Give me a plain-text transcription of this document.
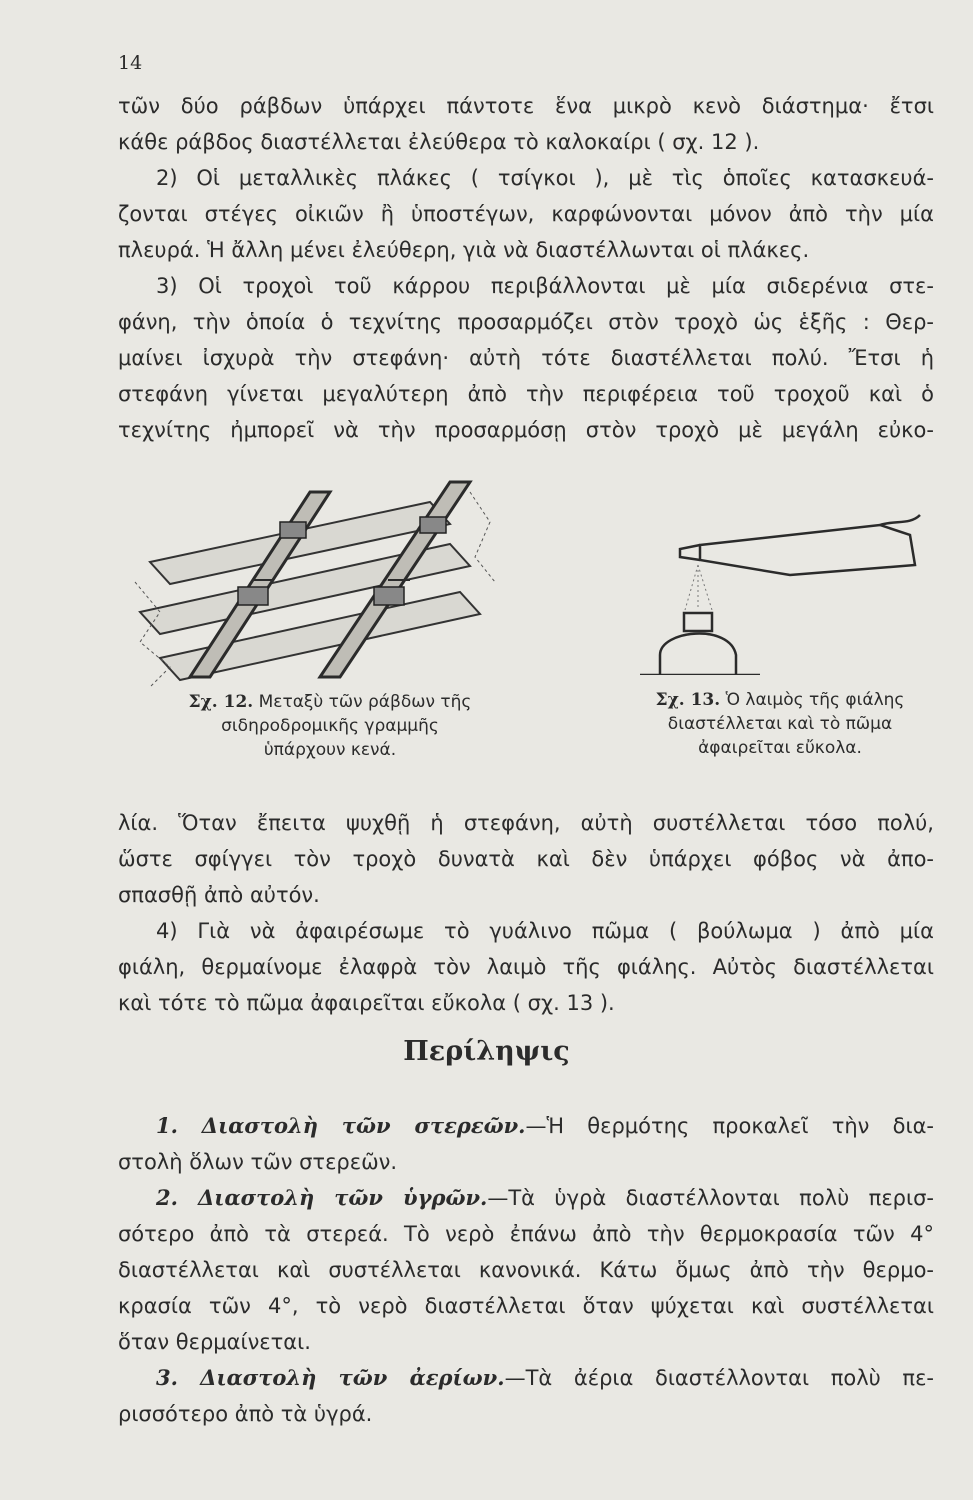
14

τῶν δύο ράβδων ὑπάρχει πάντοτε ἕνα μικρὸ κενὸ διάστημα· ἔτσι

κάθε ράβδος διαστέλλεται ἐλεύθερα τὸ καλοκαίρι ( σχ. 12 ).

2) Οἱ μεταλλικὲς πλάκες ( τσίγκοι ), μὲ τὶς ὁποῖες κατασκευά-

ζονται στέγες οἰκιῶν ἢ ὑποστέγων, καρφώνονται μόνον ἀπὸ τὴν μία

πλευρά. Ἡ ἄλλη μένει ἐλεύθερη, γιὰ νὰ διαστέλλωνται οἱ πλάκες.

3) Οἱ τροχοὶ τοῦ κάρρου περιβάλλονται μὲ μία σιδερένια στε-

φάνη, τὴν ὁποία ὁ τεχνίτης προσαρμόζει στὸν τροχὸ ὡς ἑξῆς : Θερ-

μαίνει ἰσχυρὰ τὴν στεφάνη· αὐτὴ τότε διαστέλλεται πολύ. Ἔτσι ἡ

στεφάνη γίνεται μεγαλύτερη ἀπὸ τὴν περιφέρεια τοῦ τροχοῦ καὶ ὁ

τεχνίτης ἠμπορεῖ νὰ τὴν προσαρμόσῃ στὸν τροχὸ μὲ μεγάλη εὐκο-

Σχ. 12. Μεταξὺ τῶν ράβδων τῆς
σιδηροδρομικῆς γραμμῆς
ὑπάρχουν κενά.
Σχ. 13. Ὁ λαιμὸς τῆς φιάλης
διαστέλλεται καὶ τὸ πῶμα
ἀφαιρεῖται εὔκολα.

λία. Ὅταν ἔπειτα ψυχθῇ ἡ στεφάνη, αὐτὴ συστέλλεται τόσο πολύ,

ὥστε σφίγγει τὸν τροχὸ δυνατὰ καὶ δὲν ὑπάρχει φόβος νὰ ἀπο-

σπασθῇ ἀπὸ αὐτόν.

4) Γιὰ νὰ ἀφαιρέσωμε τὸ γυάλινο πῶμα ( βούλωμα ) ἀπὸ μία

φιάλη, θερμαίνομε ἐλαφρὰ τὸν λαιμὸ τῆς φιάλης. Αὐτὸς διαστέλλεται

καὶ τότε τὸ πῶμα ἀφαιρεῖται εὔκολα ( σχ. 13 ).

Περίληψις

1. Διαστολὴ τῶν στερεῶν.—Ἡ θερμότης προκαλεῖ τὴν δια-

στολὴ ὅλων τῶν στερεῶν.

2. Διαστολὴ τῶν ὑγρῶν.—Τὰ ὑγρὰ διαστέλλονται πολὺ περισ-

σότερο ἀπὸ τὰ στερεά. Τὸ νερὸ ἐπάνω ἀπὸ τὴν θερμοκρασία τῶν 4°

διαστέλλεται καὶ συστέλλεται κανονικά. Κάτω ὅμως ἀπὸ τὴν θερμο-

κρασία τῶν 4°, τὸ νερὸ διαστέλλεται ὅταν ψύχεται καὶ συστέλλεται

ὅταν θερμαίνεται.

3. Διαστολὴ τῶν ἀερίων.—Τὰ ἀέρια διαστέλλονται πολὺ πε-

ρισσότερο ἀπὸ τὰ ὑγρά.
